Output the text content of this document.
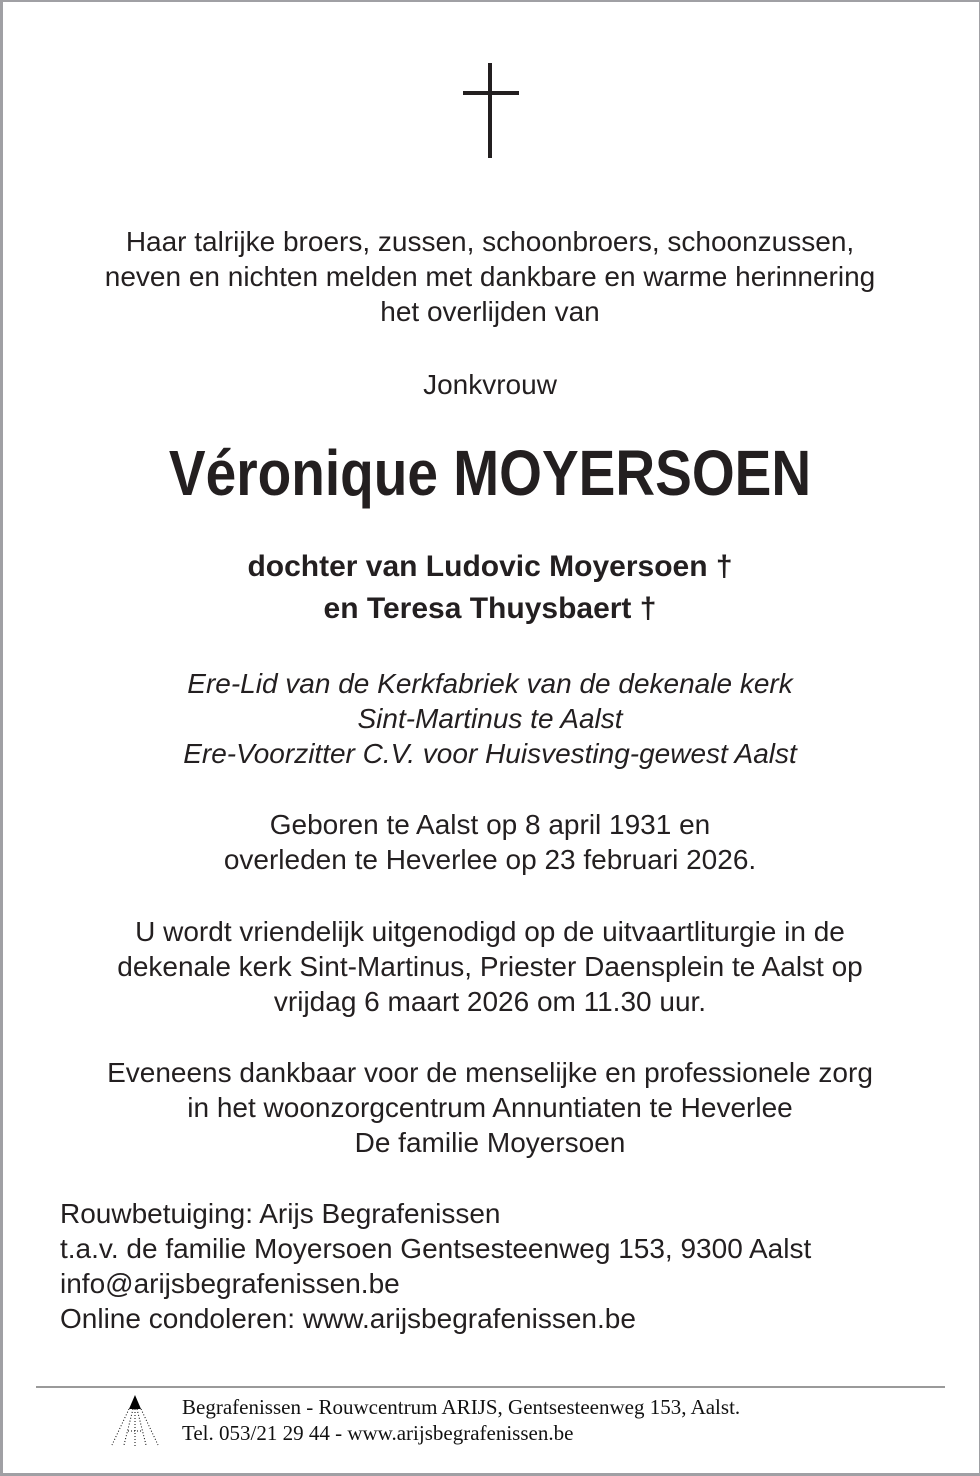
Haar talrijke broers, zussen, schoonbroers, schoonzussen,
neven en nichten melden met dankbare en warme herinnering
het overlijden van
Jonkvrouw
Véronique MOYERSOEN
dochter van Ludovic Moyersoen †
en Teresa Thuysbaert †
Ere-Lid van de Kerkfabriek van de dekenale kerk
Sint-Martinus te Aalst
Ere-Voorzitter C.V. voor Huisvesting-gewest Aalst
Geboren te Aalst op 8 april 1931 en
overleden te Heverlee op 23 februari 2026.
U wordt vriendelijk uitgenodigd op de uitvaartliturgie in de
dekenale kerk Sint-Martinus, Priester Daensplein te Aalst op
vrijdag 6 maart 2026 om 11.30 uur.
Eveneens dankbaar voor de menselijke en professionele zorg
in het woonzorgcentrum Annuntiaten te Heverlee
De familie Moyersoen
Rouwbetuiging: Arijs Begrafenissen
t.a.v. de familie Moyersoen Gentsesteenweg 153, 9300 Aalst
info@arijsbegrafenissen.be
Online condoleren: www.arijsbegrafenissen.be
Begrafenissen - Rouwcentrum ARIJS, Gentsesteenweg 153, Aalst.
Tel. 053/21 29 44 - www.arijsbegrafenissen.be
